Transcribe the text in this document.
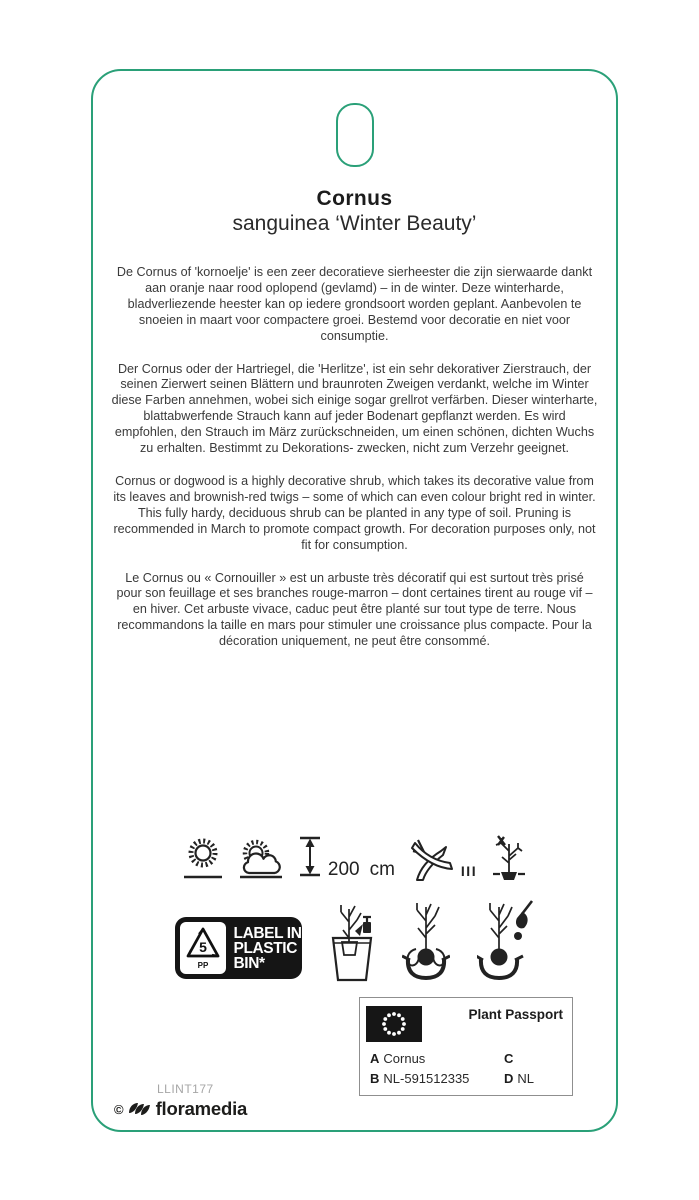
Cornus
sanguinea ‘Winter Beauty’

De Cornus of 'kornoelje' is een zeer decoratieve sierheester die zijn sierwaarde dankt aan oranje naar rood oplopend (gevlamd) – in de winter. Deze winterharde, bladverliezende heester kan op iedere grondsoort worden geplant. Aanbevolen te snoeien in maart voor compactere groei. Bestemd voor decoratie en niet voor consumptie.

Der Cornus oder der Hartriegel, die 'Herlitze', ist ein sehr dekorativer Zierstrauch, der seinen Zierwert seinen Blättern und braunroten Zweigen verdankt, welche im Winter diese Farben annehmen, wobei sich einige sogar grellrot verfärben. Dieser winterharte, blattabwerfende Strauch kann auf jeder Bodenart gepflanzt werden. Es wird empfohlen, den Strauch im März zurückschneiden, um einen schönen, dichten Wuchs zu erhalten. Bestimmt zu Dekorations- zwecken, nicht zum Verzehr geeignet.

Cornus or dogwood is a highly decorative shrub, which takes its decorative value from its leaves and brownish-red twigs – some of which can even colour bright red in winter. This fully hardy, deciduous shrub can be planted in any type of soil. Pruning is recommended in March to promote compact growth. For decoration purposes only, not fit for consumption.

Le Cornus ou « Cornouiller » est un arbuste très décoratif qui est surtout très prisé pour son feuillage et ses branches rouge-marron – dont certaines tirent au rouge vif – en hiver. Cet arbuste vivace, caduc peut être planté sur tout type de terre. Nous recommandons la taille en mars pour stimuler une croissance plus compacte. Pour la décoration uniquement, ne peut être consommé.

200 cm	III
5
PP
LABEL IN
PLASTIC
BIN*
Plant Passport
A Cornus
B NL-591512335
C
D NL
LLINT177
© floramedia
